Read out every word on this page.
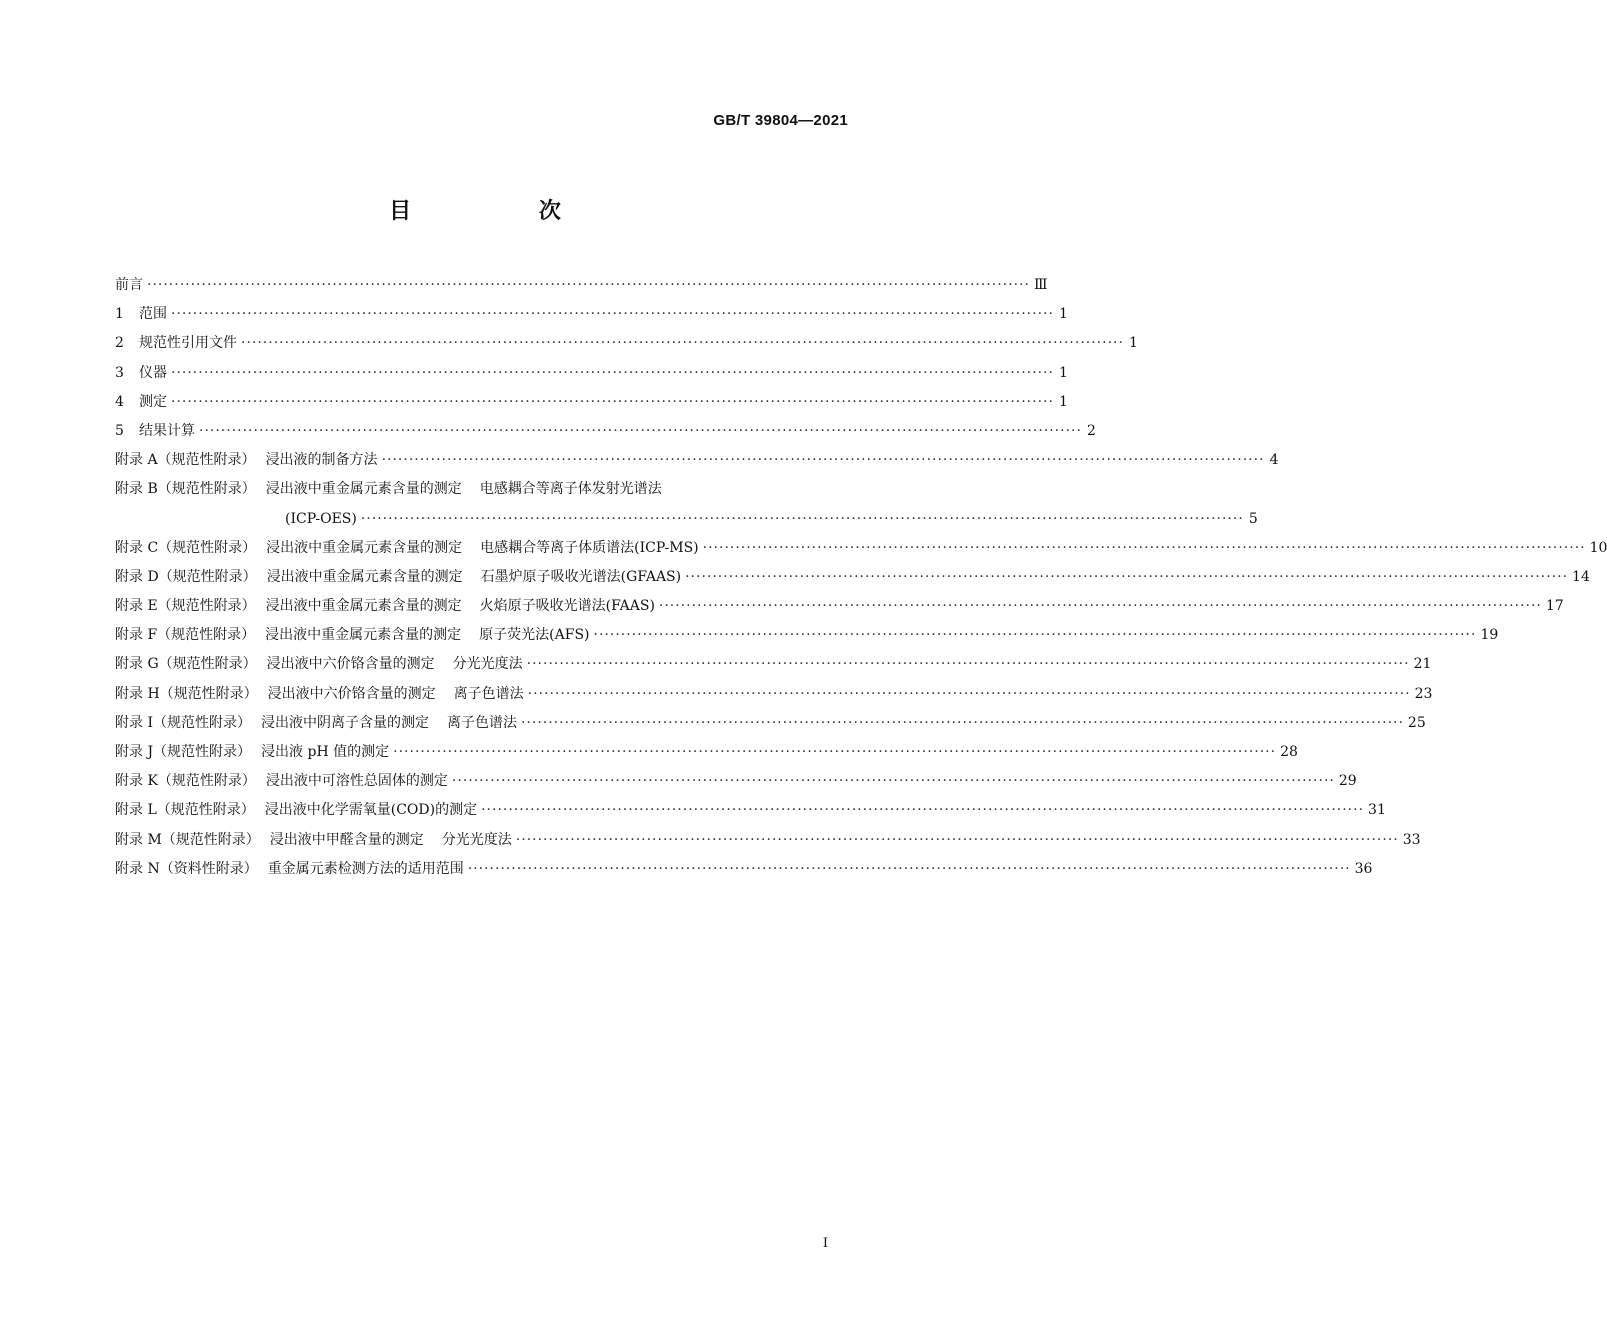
GB/T 39804—2021
目 次
前言 ·····	Ⅲ
1 范围 ·····	1
2 规范性引用文件 ·····	1
3 仪器 ·····	1
4 测定 ·····	1
5 结果计算 ·····	2
附录 A（规范性附录） 浸出液的制备方法 ·····	4
附录 B（规范性附录） 浸出液中重金属元素含量的测定 电感耦合等离子体发射光谱法
(ICP-OES) ·····	5
附录 C（规范性附录） 浸出液中重金属元素含量的测定 电感耦合等离子体质谱法(ICP-MS) ·····	10
附录 D（规范性附录） 浸出液中重金属元素含量的测定 石墨炉原子吸收光谱法(GFAAS) ·····	14
附录 E（规范性附录） 浸出液中重金属元素含量的测定 火焰原子吸收光谱法(FAAS) ·····	17
附录 F（规范性附录） 浸出液中重金属元素含量的测定 原子荧光法(AFS) ·····	19
附录 G（规范性附录） 浸出液中六价铬含量的测定 分光光度法 ·····	21
附录 H（规范性附录） 浸出液中六价铬含量的测定 离子色谱法 ·····	23
附录 I（规范性附录） 浸出液中阴离子含量的测定 离子色谱法 ·····	25
附录 J（规范性附录） 浸出液 pH 值的测定 ·····	28
附录 K（规范性附录） 浸出液中可溶性总固体的测定 ·····	29
附录 L（规范性附录） 浸出液中化学需氧量(COD)的测定 ·····	31
附录 M（规范性附录） 浸出液中甲醛含量的测定 分光光度法 ·····	33
附录 N（资料性附录） 重金属元素检测方法的适用范围 ·····	36
I
